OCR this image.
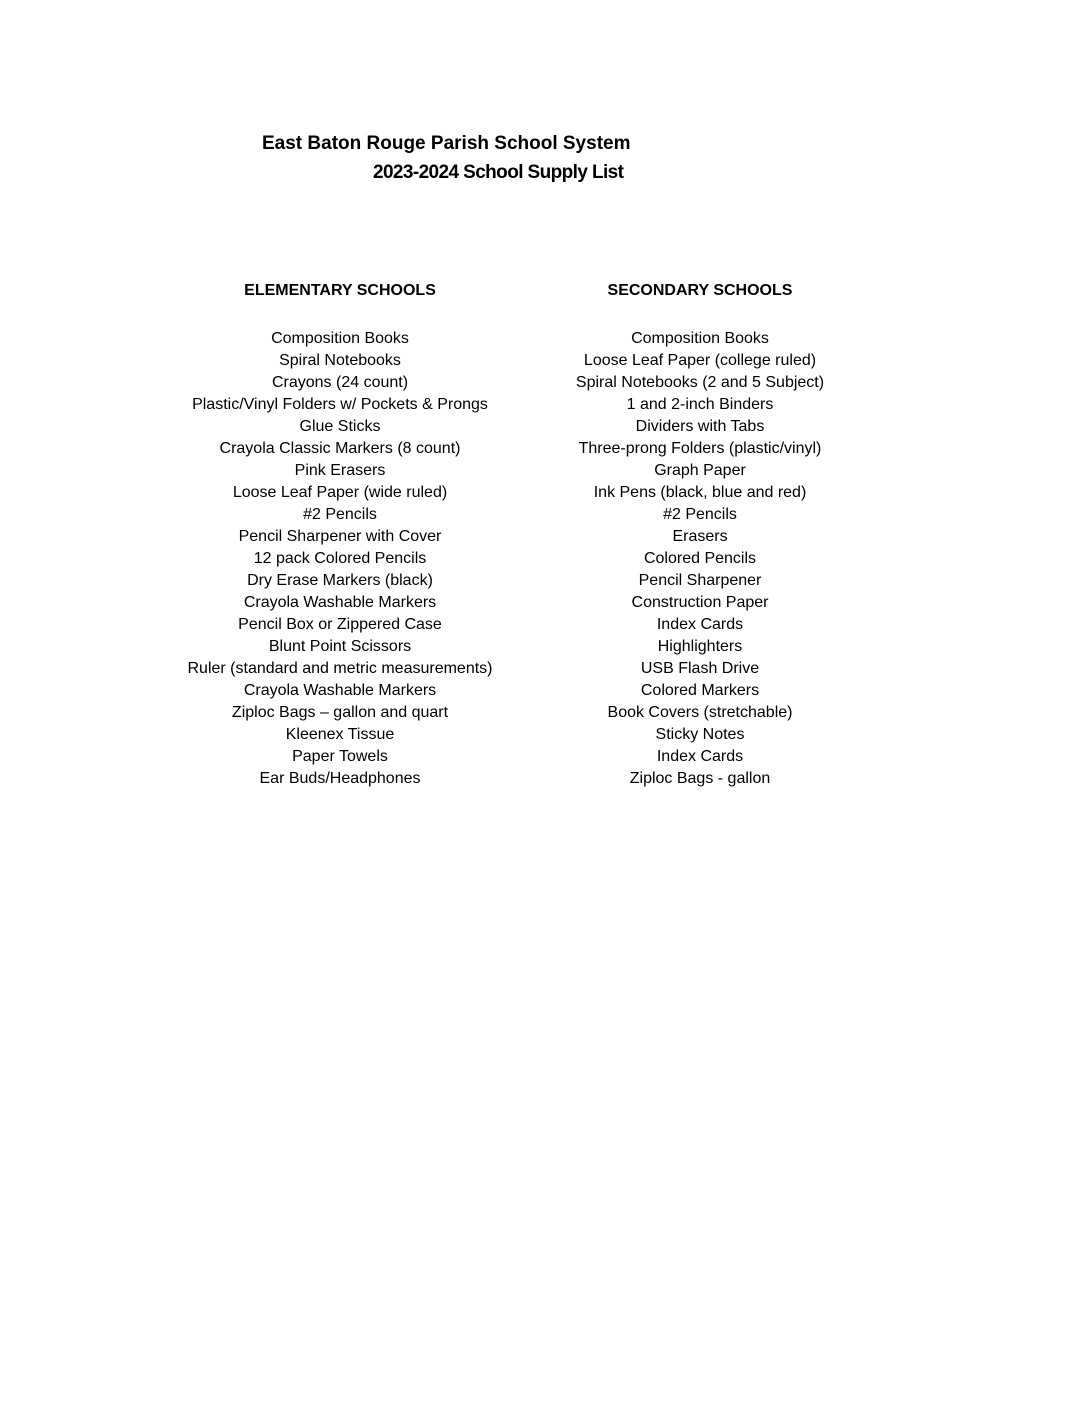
East Baton Rouge Parish School System
2023-2024 School Supply List
ELEMENTARY SCHOOLS
Composition Books
Spiral Notebooks
Crayons (24 count)
Plastic/Vinyl Folders w/ Pockets & Prongs
Glue Sticks
Crayola Classic Markers (8 count)
Pink Erasers
Loose Leaf Paper (wide ruled)
#2 Pencils
Pencil Sharpener with Cover
12 pack Colored Pencils
Dry Erase Markers (black)
Crayola Washable Markers
Pencil Box or Zippered Case
Blunt Point Scissors
Ruler (standard and metric measurements)
Crayola Washable Markers
Ziploc Bags – gallon and quart
Kleenex Tissue
Paper Towels
Ear Buds/Headphones
SECONDARY SCHOOLS
Composition Books
Loose Leaf Paper (college ruled)
Spiral Notebooks (2 and 5 Subject)
1 and 2-inch Binders
Dividers with Tabs
Three-prong Folders (plastic/vinyl)
Graph Paper
Ink Pens (black, blue and red)
#2 Pencils
Erasers
Colored Pencils
Pencil Sharpener
Construction Paper
Index Cards
Highlighters
USB Flash Drive
Colored Markers
Book Covers (stretchable)
Sticky Notes
Index Cards
Ziploc Bags - gallon
